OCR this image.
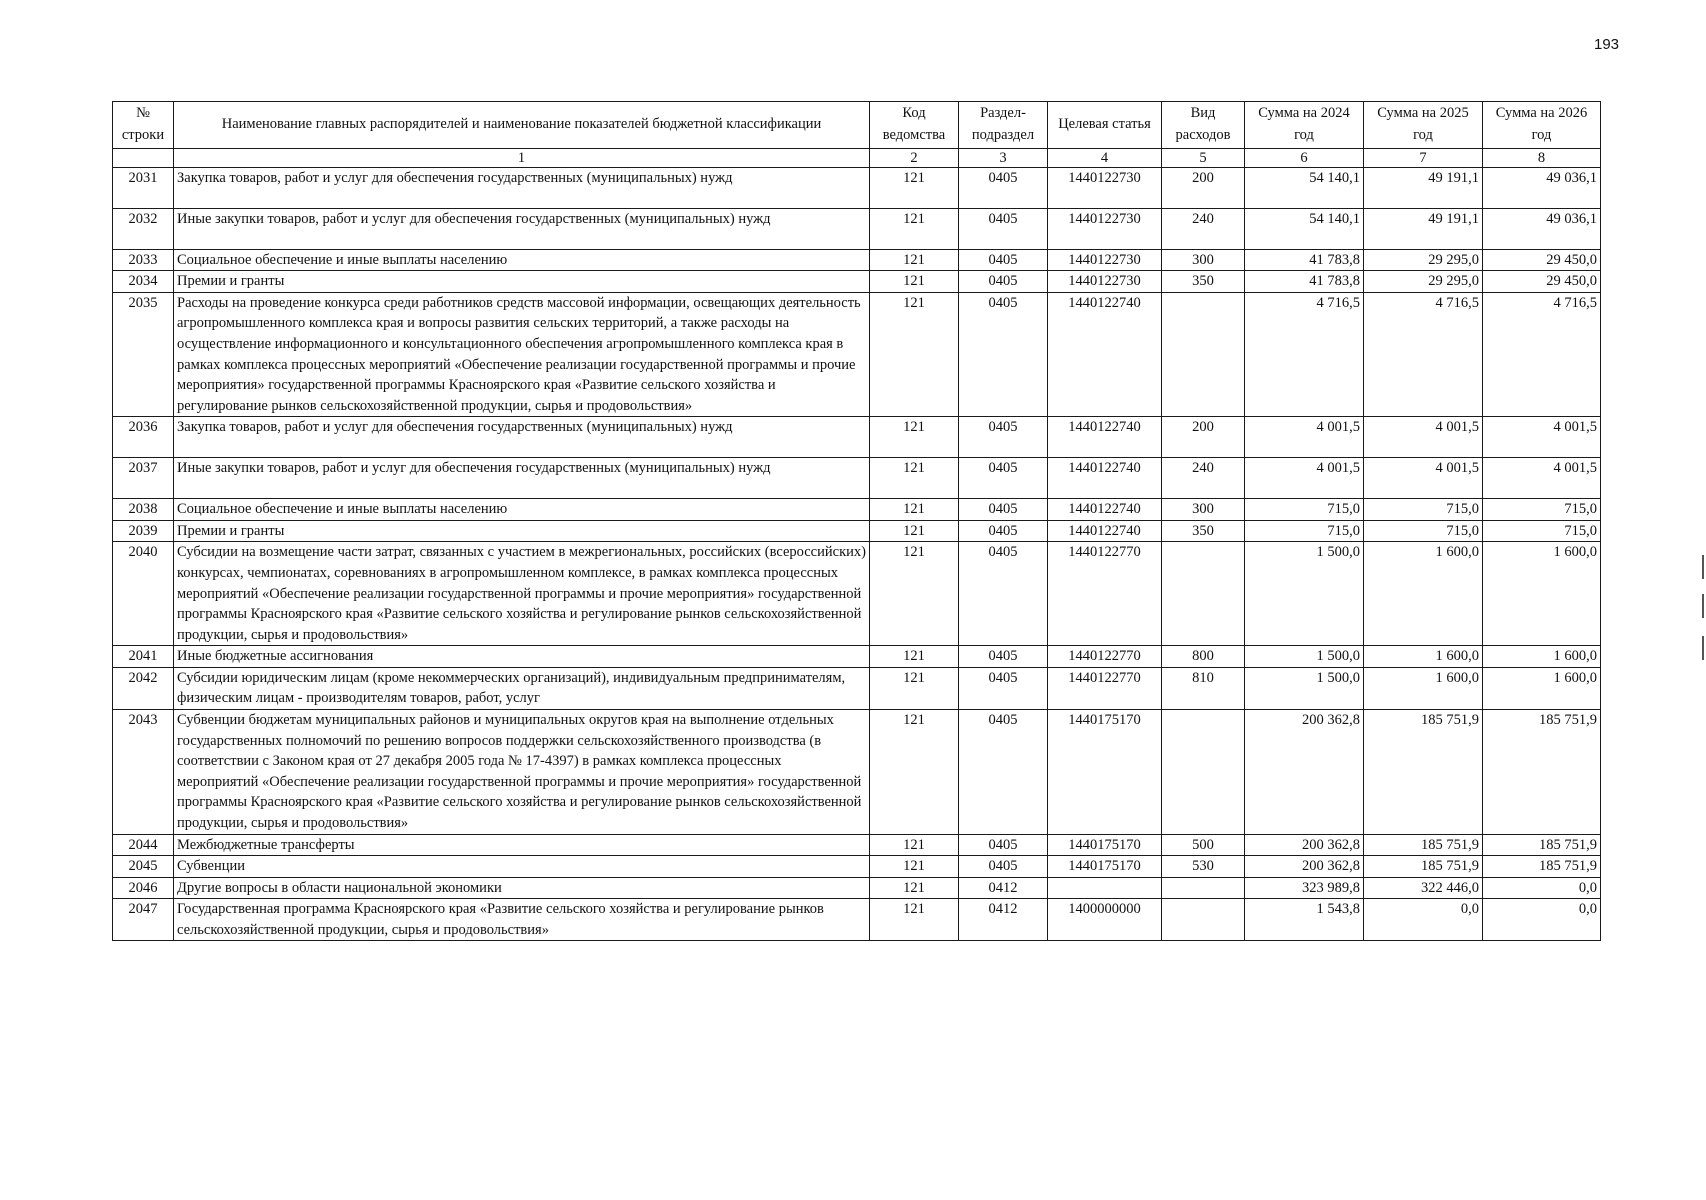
193
№ строки	Наименование главных распорядителей и наименование показателей бюджетной классификации	Код ведомства	Раздел-подраздел	Целевая статья	Вид расходов	Сумма на 2024 год	Сумма на 2025 год	Сумма на 2026 год
	1	2	3	4	5	6	7	8
2031	Закупка товаров, работ и услуг для обеспечения государственных (муниципальных) нужд	121	0405	1440122730	200	54 140,1	49 191,1	49 036,1
2032	Иные закупки товаров, работ и услуг для обеспечения государственных (муниципальных) нужд	121	0405	1440122730	240	54 140,1	49 191,1	49 036,1
2033	Социальное обеспечение и иные выплаты населению	121	0405	1440122730	300	41 783,8	29 295,0	29 450,0
2034	Премии и гранты	121	0405	1440122730	350	41 783,8	29 295,0	29 450,0
2035	Расходы на проведение конкурса среди работников средств массовой информации, освещающих деятельность агропромышленного комплекса края и вопросы развития сельских территорий, а также расходы на осуществление информационного и консультационного обеспечения агропромышленного комплекса края в рамках комплекса процессных мероприятий «Обеспечение реализации государственной программы и прочие мероприятия» государственной программы Красноярского края «Развитие сельского хозяйства и регулирование рынков сельскохозяйственной продукции, сырья и продовольствия»	121	0405	1440122740		4 716,5	4 716,5	4 716,5
2036	Закупка товаров, работ и услуг для обеспечения государственных (муниципальных) нужд	121	0405	1440122740	200	4 001,5	4 001,5	4 001,5
2037	Иные закупки товаров, работ и услуг для обеспечения государственных (муниципальных) нужд	121	0405	1440122740	240	4 001,5	4 001,5	4 001,5
2038	Социальное обеспечение и иные выплаты населению	121	0405	1440122740	300	715,0	715,0	715,0
2039	Премии и гранты	121	0405	1440122740	350	715,0	715,0	715,0
2040	Субсидии на возмещение части затрат, связанных с участием в межрегиональных, российских (всероссийских) конкурсах, чемпионатах, соревнованиях в агропромышленном комплексе, в рамках комплекса процессных мероприятий «Обеспечение реализации государственной программы и прочие мероприятия» государственной программы Красноярского края «Развитие сельского хозяйства и регулирование рынков сельскохозяйственной продукции, сырья и продовольствия»	121	0405	1440122770		1 500,0	1 600,0	1 600,0
2041	Иные бюджетные ассигнования	121	0405	1440122770	800	1 500,0	1 600,0	1 600,0
2042	Субсидии юридическим лицам (кроме некоммерческих организаций), индивидуальным предпринимателям, физическим лицам - производителям товаров, работ, услуг	121	0405	1440122770	810	1 500,0	1 600,0	1 600,0
2043	Субвенции бюджетам муниципальных районов и муниципальных округов края на выполнение отдельных государственных полномочий по решению вопросов поддержки сельскохозяйственного производства (в соответствии с Законом края от 27 декабря 2005 года № 17-4397) в рамках комплекса процессных мероприятий «Обеспечение реализации государственной программы и прочие мероприятия» государственной программы Красноярского края «Развитие сельского хозяйства и регулирование рынков сельскохозяйственной продукции, сырья и продовольствия»	121	0405	1440175170		200 362,8	185 751,9	185 751,9
2044	Межбюджетные трансферты	121	0405	1440175170	500	200 362,8	185 751,9	185 751,9
2045	Субвенции	121	0405	1440175170	530	200 362,8	185 751,9	185 751,9
2046	Другие вопросы в области национальной экономики	121	0412			323 989,8	322 446,0	0,0
2047	Государственная программа Красноярского края «Развитие сельского хозяйства и регулирование рынков сельскохозяйственной продукции, сырья и продовольствия»	121	0412	1400000000		1 543,8	0,0	0,0
